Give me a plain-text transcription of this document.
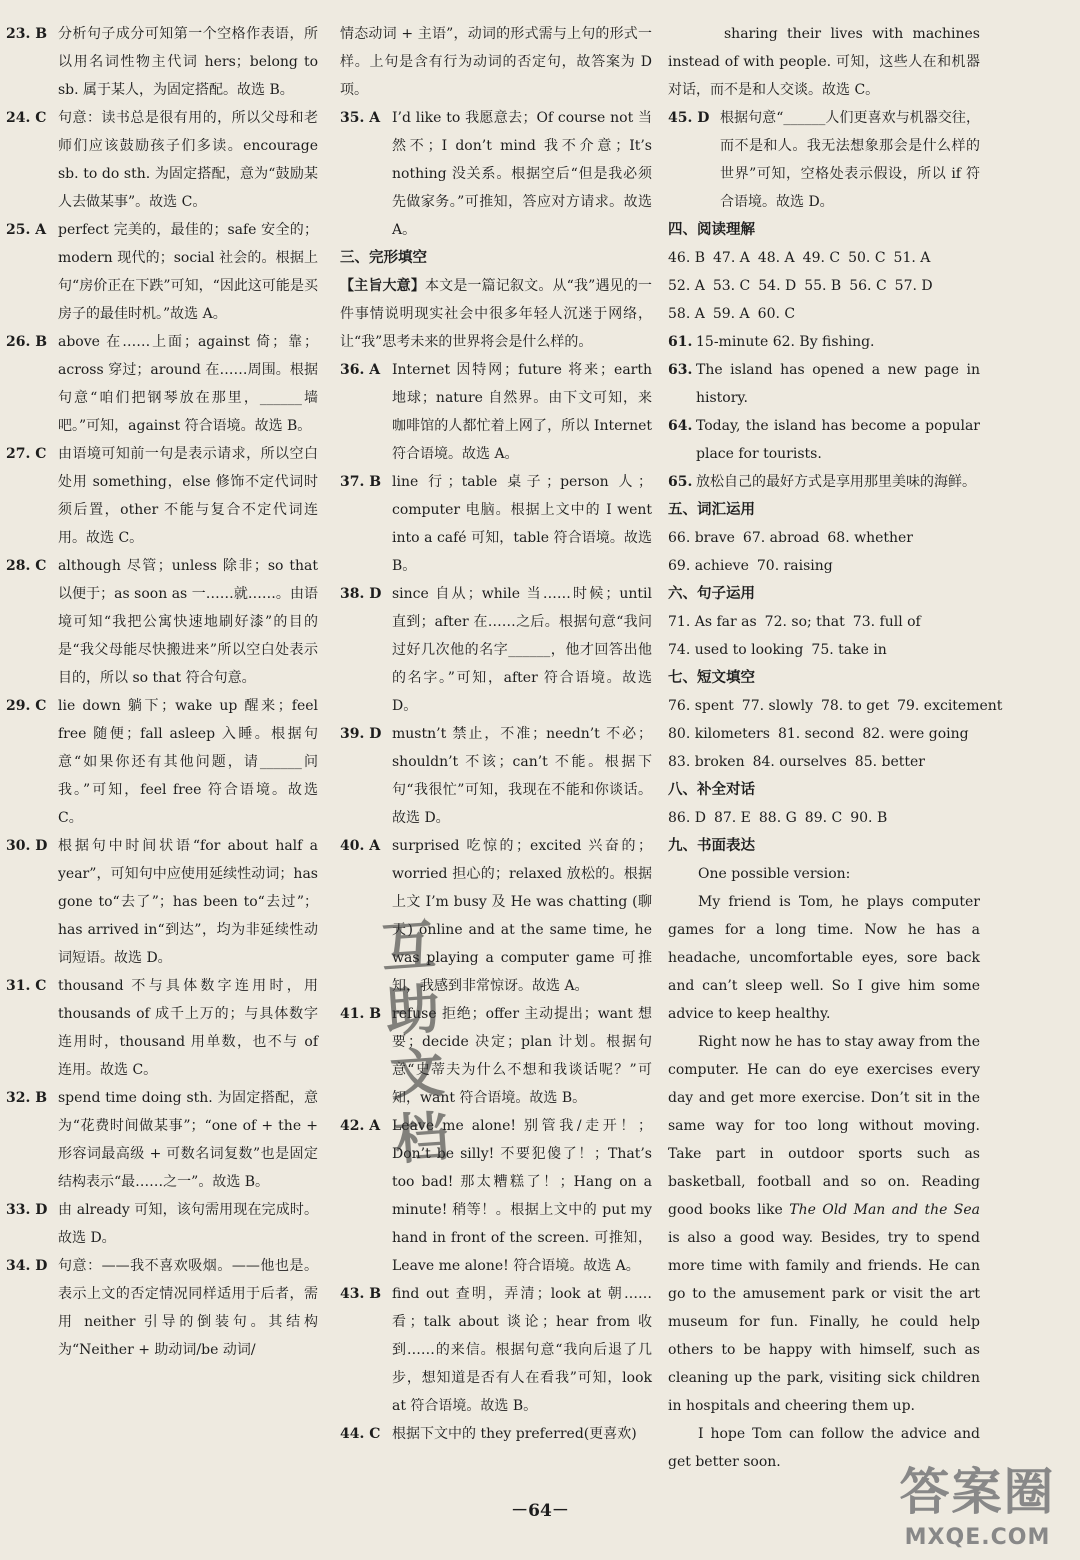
23. B 分析句子成分可知第一个空格作表语，所以用名词性物主代词 hers；belong to sb. 属于某人，为固定搭配。故选 B。
24. C 句意：读书总是很有用的，所以父母和老师们应该鼓励孩子们多读。encourage sb. to do sth. 为固定搭配，意为“鼓励某人去做某事”。故选 C。
25. A perfect 完美的，最佳的；safe 安全的；modern 现代的；social 社会的。根据上句“房价正在下跌”可知，“因此这可能是买房子的最佳时机。”故选 A。
26. B above 在……上面；against 倚；靠；across 穿过；around 在……周围。根据句意“咱们把钢琴放在那里，______墙吧。”可知，against 符合语境。故选 B。
27. C 由语境可知前一句是表示请求，所以空白处用 something，else 修饰不定代词时须后置，other 不能与复合不定代词连用。故选 C。
28. C although 尽管；unless 除非；so that 以便于；as soon as 一……就……。由语境可知“我把公寓快速地刷好漆”的目的是“我父母能尽快搬进来”所以空白处表示目的，所以 so that 符合句意。
29. C lie down 躺下；wake up 醒来；feel free 随便；fall asleep 入睡。根据句意“如果你还有其他问题，请______问我。”可知，feel free 符合语境。故选 C。
30. D 根据句中时间状语“for about half a year”，可知句中应使用延续性动词；has gone to“去了”；has been to“去过”；has arrived in“到达”，均为非延续性动词短语。故选 D。
31. C thousand 不与具体数字连用时，用 thousands of 成千上万的；与具体数字连用时，thousand 用单数，也不与 of 连用。故选 C。
32. B spend time doing sth. 为固定搭配，意为“花费时间做某事”；“one of + the + 形容词最高级 + 可数名词复数”也是固定结构表示“最……之一”。故选 B。
33. D 由 already 可知，该句需用现在完成时。故选 D。
34. D 句意：——我不喜欢吸烟。——他也是。表示上文的否定情况同样适用于后者，需用 neither 引导的倒装句。其结构为“Neither + 助动词/be 动词/
情态动词 + 主语”，动词的形式需与上句的形式一样。上句是含有行为动词的否定句，故答案为 D 项。
35. A I’d like to 我愿意去；Of course not 当然不；I don’t mind 我不介意；It’s nothing 没关系。根据空后“但是我必须先做家务。”可推知，答应对方请求。故选 A。
三、完形填空
【主旨大意】本文是一篇记叙文。从“我”遇见的一件事情说明现实社会中很多年轻人沉迷于网络，让“我”思考未来的世界将会是什么样的。
36. A Internet 因特网；future 将来；earth 地球；nature 自然界。由下文可知，来咖啡馆的人都忙着上网了，所以 Internet 符合语境。故选 A。
37. B line 行；table 桌子；person 人；computer 电脑。根据上文中的 I went into a café 可知，table 符合语境。故选 B。
38. D since 自从；while 当……时候；until 直到；after 在……之后。根据句意“我问过好几次他的名字______，他才回答出他的名字。”可知，after 符合语境。故选 D。
39. D mustn’t 禁止，不准；needn’t 不必；shouldn’t 不该；can’t 不能。根据下句“我很忙”可知，我现在不能和你谈话。故选 D。
40. A surprised 吃惊的；excited 兴奋的；worried 担心的；relaxed 放松的。根据上文 I’m busy 及 He was chatting (聊天) online and at the same time, he was playing a computer game 可推知，我感到非常惊讶。故选 A。
41. B refuse 拒绝；offer 主动提出；want 想要；decide 决定；plan 计划。根据句意“史蒂夫为什么不想和我谈话呢？”可知，want 符合语境。故选 B。
42. A Leave me alone! 别管我/走开！；Don’t be silly! 不要犯傻了！；That’s too bad! 那太糟糕了！；Hang on a minute! 稍等！。根据上文中的 put my hand in front of the screen. 可推知，Leave me alone! 符合语境。故选 A。
43. B find out 查明，弄清；look at 朝……看；talk about 谈论；hear from 收到……的来信。根据句意“我向后退了几步，想知道是否有人在看我”可知，look at 符合语境。故选 B。
44. C 根据下文中的 they preferred(更喜欢)
sharing their lives with machines instead of with people. 可知，这些人在和机器对话，而不是和人交谈。故选 C。
45. D 根据句意“______人们更喜欢与机器交往，而不是和人。我无法想象那会是什么样的世界”可知，空格处表示假设，所以 if 符合语境。故选 D。
四、阅读理解
46. B 47. A 48. A 49. C 50. C 51. A
52. A 53. C 54. D 55. B 56. C 57. D
58. A 59. A 60. C
61. 15-minute 62. By fishing.
63. The island has opened a new page in history.
64. Today, the island has become a popular place for tourists.
65. 放松自己的最好方式是享用那里美味的海鲜。
五、词汇运用
66. brave 67. abroad 68. whether
69. achieve 70. raising
六、句子运用
71. As far as 72. so; that 73. full of
74. used to looking 75. take in
七、短文填空
76. spent 77. slowly 78. to get 79. excitement
80. kilometers 81. second 82. were going
83. broken 84. ourselves 85. better
八、补全对话
86. D 87. E 88. G 89. C 90. B
九、书面表达
One possible version:
My friend is Tom, he plays computer games for a long time. Now he has a headache, uncomfortable eyes, sore back and can’t sleep well. So I give him some advice to keep healthy.
Right now he has to stay away from the computer. He can do eye exercises every day and get more exercise. Don’t sit in the same way for too long without moving. Take part in outdoor sports such as basketball, football and so on. Reading good books like The Old Man and the Sea is also a good way. Besides, try to spend more time with family and friends. He can go to the amusement park or visit the art museum for fun. Finally, he could help others to be happy with himself, such as cleaning up the park, visiting sick children in hospitals and cheering them up.
I hope Tom can follow the advice and get better soon.
互助文档
－64－	答案圈
MXQE.COM
